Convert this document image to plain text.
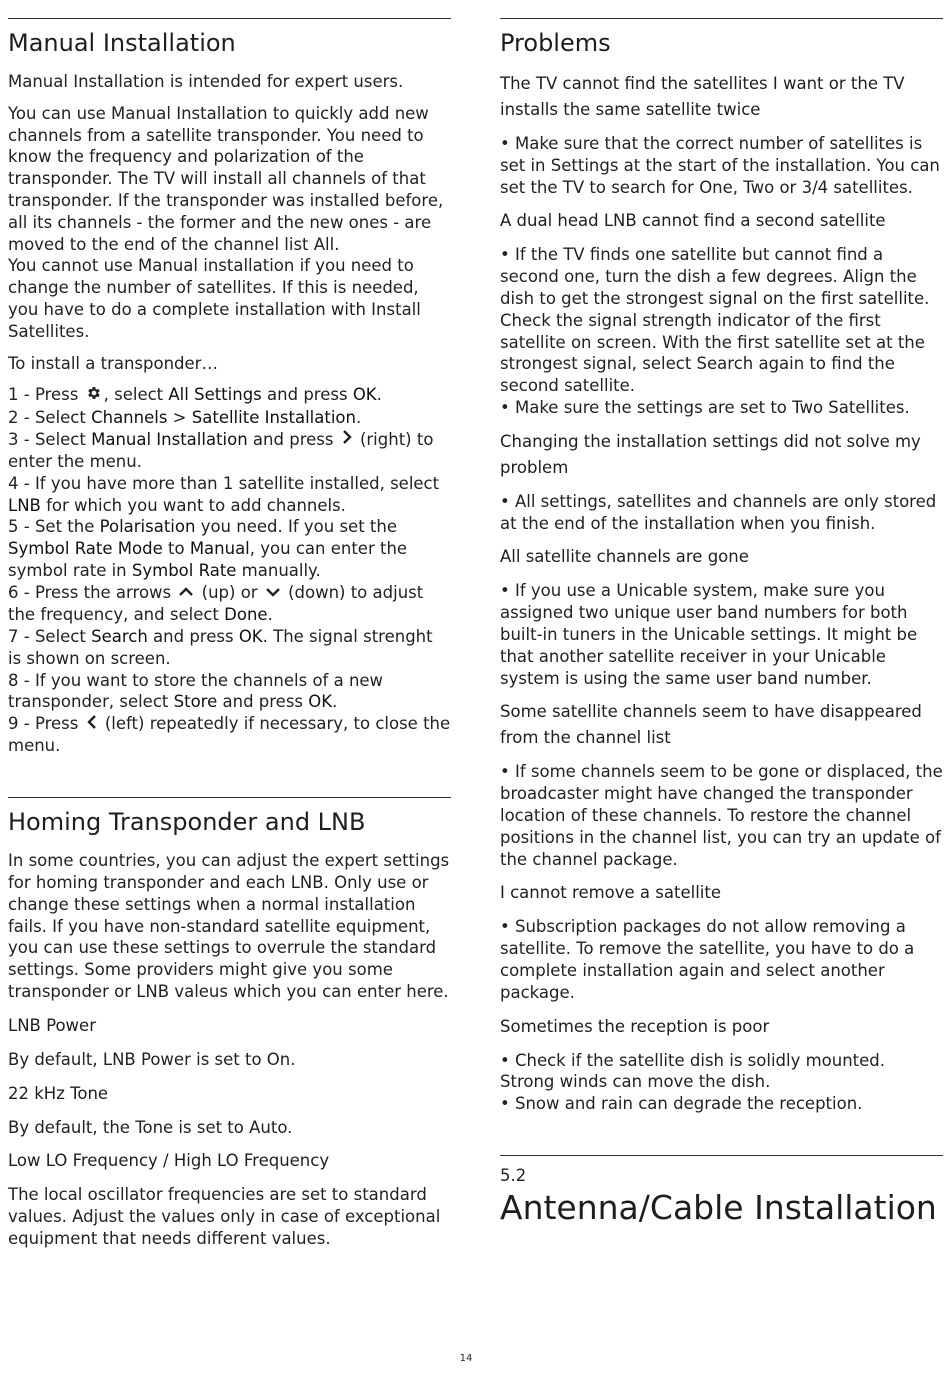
Manual Installation

Manual Installation is intended for expert users.

You can use Manual Installation to quickly add new channels from a satellite transponder. You need to know the frequency and polarization of the transponder. The TV will install all channels of that transponder. If the transponder was installed before, all its channels - the former and the new ones - are moved to the end of the channel list All.

You cannot use Manual installation if you need to change the number of satellites. If this is needed, you have to do a complete installation with Install Satellites.

To install a transponder…

1 - Press , select All Settings and press OK.

2 - Select Channels > Satellite Installation.

3 - Select Manual Installation and press  (right) to enter the menu.

4 - If you have more than 1 satellite installed, select LNB for which you want to add channels.

5 - Set the Polarisation you need. If you set the Symbol Rate Mode to Manual, you can enter the symbol rate in Symbol Rate manually.

6 - Press the arrows  (up) or  (down) to adjust the frequency, and select Done.

7 - Select Search and press OK. The signal strenght is shown on screen.

8 - If you want to store the channels of a new transponder, select Store and press OK.

9 - Press  (left) repeatedly if necessary, to close the menu.

Homing Transponder and LNB

In some countries, you can adjust the expert settings for homing transponder and each LNB. Only use or change these settings when a normal installation fails. If you have non-standard satellite equipment, you can use these settings to overrule the standard settings. Some providers might give you some transponder or LNB valeus which you can enter here.

LNB Power

By default, LNB Power is set to On.

22 kHz Tone

By default, the Tone is set to Auto.

Low LO Frequency / High LO Frequency

The local oscillator frequencies are set to standard values. Adjust the values only in case of exceptional equipment that needs different values.

Problems
The TV cannot find the satellites I want or the TV installs the same satellite twice

• Make sure that the correct number of satellites is set in Settings at the start of the installation. You can set the TV to search for One, Two or 3/4 satellites.

A dual head LNB cannot find a second satellite

• If the TV finds one satellite but cannot find a second one, turn the dish a few degrees. Align the dish to get the strongest signal on the first satellite. Check the signal strength indicator of the first satellite on screen. With the first satellite set at the strongest signal, select Search again to find the second satellite.

• Make sure the settings are set to Two Satellites.

Changing the installation settings did not solve my problem

• All settings, satellites and channels are only stored at the end of the installation when you finish.

All satellite channels are gone

• If you use a Unicable system, make sure you assigned two unique user band numbers for both built-in tuners in the Unicable settings. It might be that another satellite receiver in your Unicable system is using the same user band number.

Some satellite channels seem to have disappeared from the channel list

• If some channels seem to be gone or displaced, the broadcaster might have changed the transponder location of these channels. To restore the channel positions in the channel list, you can try an update of the channel package.

I cannot remove a satellite

• Subscription packages do not allow removing a satellite. To remove the satellite, you have to do a complete installation again and select another package.

Sometimes the reception is poor

• Check if the satellite dish is solidly mounted. Strong winds can move the dish.

• Snow and rain can degrade the reception.

5.2
Antenna/Cable Installation
14
